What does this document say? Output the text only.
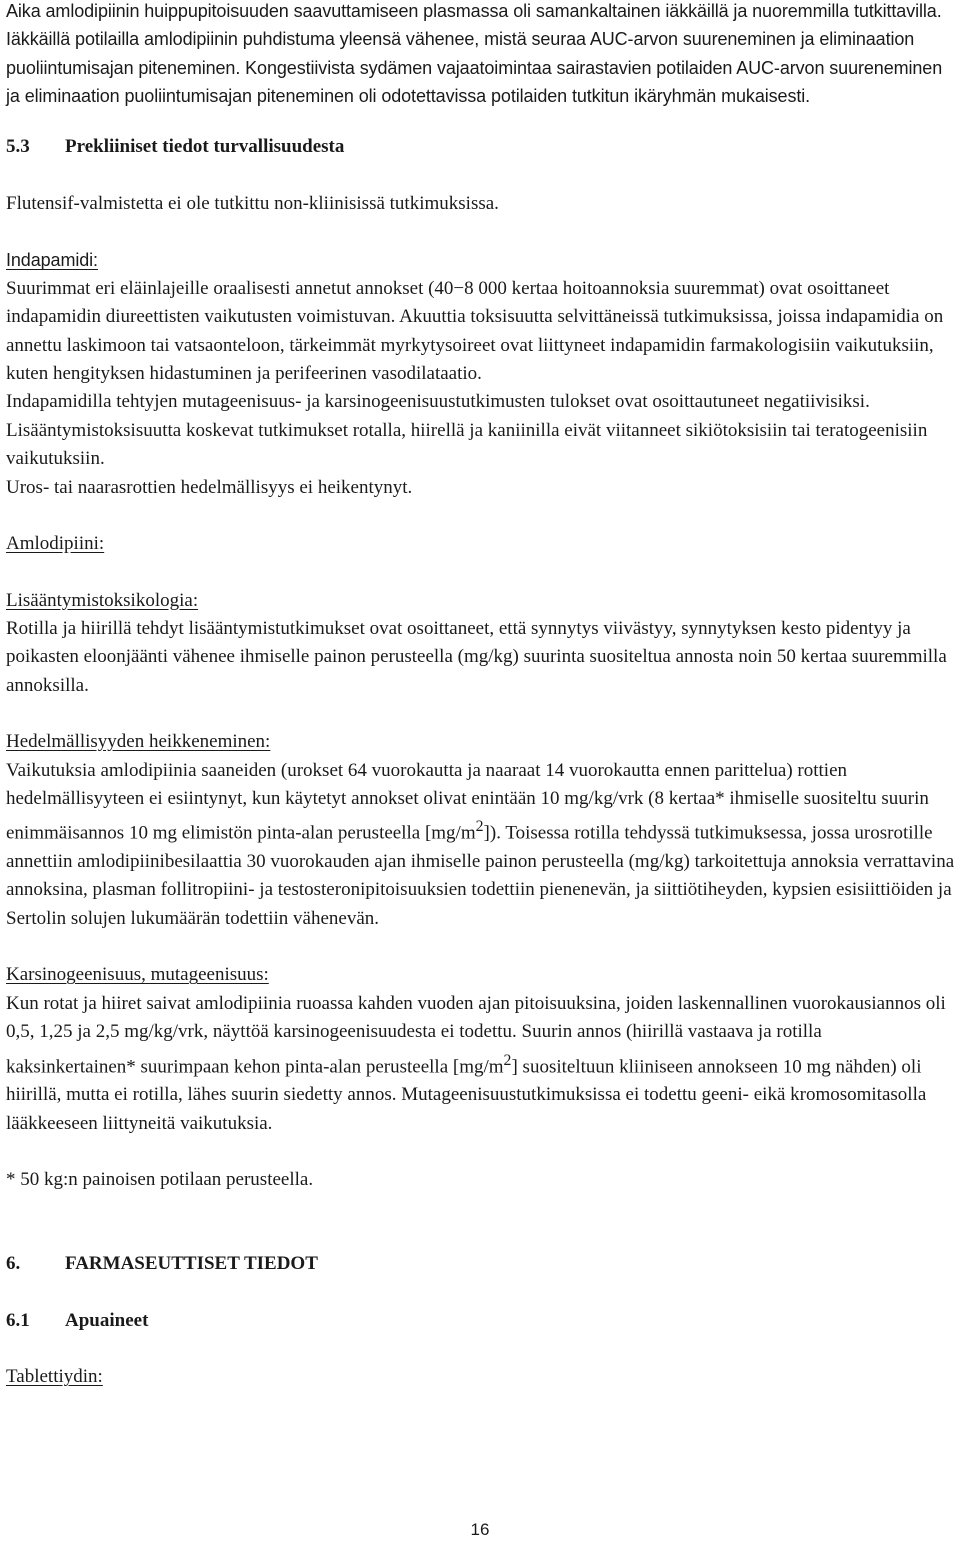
Aika amlodipiinin huippupitoisuuden saavuttamiseen plasmassa oli samankaltainen iäkkäillä ja nuoremmilla tutkittavilla. Iäkkäillä potilailla amlodipiinin puhdistuma yleensä vähenee, mistä seuraa AUC-arvon suureneminen ja eliminaation puoliintumisajan piteneminen. Kongestiivista sydämen vajaatoimintaa sairastavien potilaiden AUC-arvon suureneminen ja eliminaation puoliintumisajan piteneminen oli odotettavissa potilaiden tutkitun ikäryhmän mukaisesti.

5.3 Prekliiniset tiedot turvallisuudesta

Flutensif-valmistetta ei ole tutkittu non-kliinisissä tutkimuksissa.

Indapamidi:

Suurimmat eri eläinlajeille oraalisesti annetut annokset (40−8 000 kertaa hoitoannoksia suuremmat) ovat osoittaneet indapamidin diureettisten vaikutusten voimistuvan. Akuuttia toksisuutta selvittäneissä tutkimuksissa, joissa indapamidia on annettu laskimoon tai vatsaonteloon, tärkeimmät myrkytysoireet ovat liittyneet indapamidin farmakologisiin vaikutuksiin, kuten hengityksen hidastuminen ja perifeerinen vasodilataatio.

Indapamidilla tehtyjen mutageenisuus- ja karsinogeenisuustutkimusten tulokset ovat osoittautuneet negatiivisiksi.

Lisääntymistoksisuutta koskevat tutkimukset rotalla, hiirellä ja kaniinilla eivät viitanneet sikiötoksisiin tai teratogeenisiin vaikutuksiin.

Uros- tai naarasrottien hedelmällisyys ei heikentynyt.

Amlodipiini:

Lisääntymistoksikologia:

Rotilla ja hiirillä tehdyt lisääntymistutkimukset ovat osoittaneet, että synnytys viivästyy, synnytyksen kesto pidentyy ja poikasten eloonjäänti vähenee ihmiselle painon perusteella (mg/kg) suurinta suositeltua annosta noin 50 kertaa suuremmilla annoksilla.

Hedelmällisyyden heikkeneminen:

Vaikutuksia amlodipiinia saaneiden (urokset 64 vuorokautta ja naaraat 14 vuorokautta ennen parittelua) rottien hedelmällisyyteen ei esiintynyt, kun käytetyt annokset olivat enintään 10 mg/kg/vrk (8 kertaa* ihmiselle suositeltu suurin enimmäisannos 10 mg elimistön pinta-alan perusteella $[mg/m^2]$). Toisessa rotilla tehdyssä tutkimuksessa, jossa urosrotille annettiin amlodipiinibesilaattia 30 vuorokauden ajan ihmiselle painon perusteella (mg/kg) tarkoitettuja annoksia verrattavina annoksina, plasman follitropiini- ja testosteronipitoisuuksien todettiin pienenevän, ja siittiötiheyden, kypsien esisiittiöiden ja Sertolin solujen lukumäärän todettiin vähenevän.

Karsinogeenisuus, mutageenisuus:

Kun rotat ja hiiret saivat amlodipiinia ruoassa kahden vuoden ajan pitoisuuksina, joiden laskennallinen vuorokausiannos oli 0,5, 1,25 ja 2,5 mg/kg/vrk, näyttöä karsinogeenisuudesta ei todettu. Suurin annos (hiirillä vastaava ja rotilla kaksinkertainen* suurimpaan kehon pinta-alan perusteella $[mg/m^2]$ suositeltuun kliiniseen annokseen 10 mg nähden) oli hiirillä, mutta ei rotilla, lähes suurin siedetty annos. Mutageenisuustutkimuksissa ei todettu geeni- eikä kromosomitasolla lääkkeeseen liittyneitä vaikutuksia.

* 50 kg:n painoisen potilaan perusteella.

6. FARMASEUTTISET TIEDOT

6.1 Apuaineet

Tablettiydin:

16
